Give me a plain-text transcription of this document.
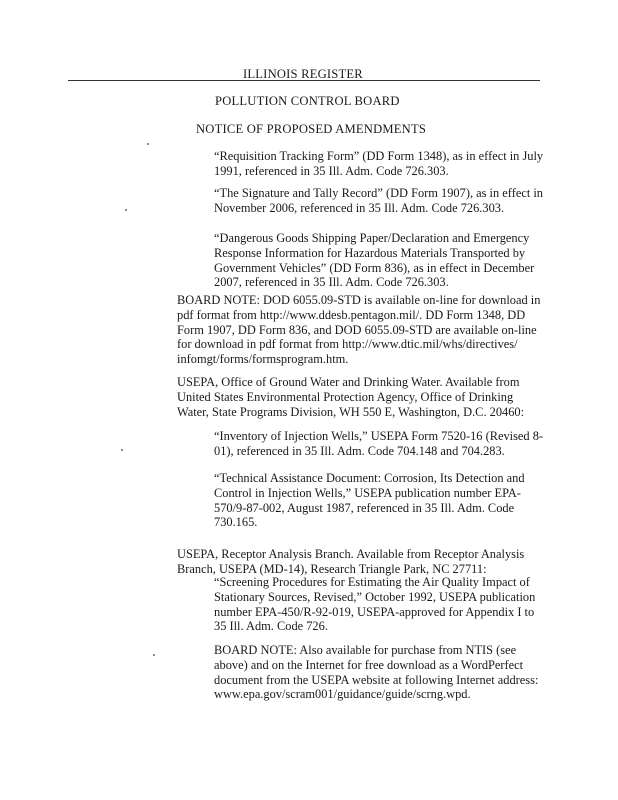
ILLINOIS REGISTER
POLLUTION CONTROL BOARD
NOTICE OF PROPOSED AMENDMENTS

“Requisition Tracking Form” (DD Form 1348), as in effect in July

1991, referenced in 35 Ill. Adm. Code 726.303.

“The Signature and Tally Record” (DD Form 1907), as in effect in

November 2006, referenced in 35 Ill. Adm. Code 726.303.

“Dangerous Goods Shipping Paper/Declaration and Emergency

Response Information for Hazardous Materials Transported by

Government Vehicles” (DD Form 836), as in effect in December

2007, referenced in 35 Ill. Adm. Code 726.303.

BOARD NOTE: DOD 6055.09-STD is available on-line for download in

pdf format from http://www.ddesb.pentagon.mil/. DD Form 1348, DD

Form 1907, DD Form 836, and DOD 6055.09-STD are available on-line

for download in pdf format from http://www.dtic.mil/whs/directives/

infomgt/forms/formsprogram.htm.

USEPA, Office of Ground Water and Drinking Water. Available from

United States Environmental Protection Agency, Office of Drinking

Water, State Programs Division, WH 550 E, Washington, D.C. 20460:

“Inventory of Injection Wells,” USEPA Form 7520-16 (Revised 8-

01), referenced in 35 Ill. Adm. Code 704.148 and 704.283.

“Technical Assistance Document: Corrosion, Its Detection and

Control in Injection Wells,” USEPA publication number EPA-

570/9-87-002, August 1987, referenced in 35 Ill. Adm. Code

730.165.

USEPA, Receptor Analysis Branch. Available from Receptor Analysis

Branch, USEPA (MD-14), Research Triangle Park, NC 27711:

“Screening Procedures for Estimating the Air Quality Impact of

Stationary Sources, Revised,” October 1992, USEPA publication

number EPA-450/R-92-019, USEPA-approved for Appendix I to

35 Ill. Adm. Code 726.

BOARD NOTE: Also available for purchase from NTIS (see

above) and on the Internet for free download as a WordPerfect

document from the USEPA website at following Internet address:

www.epa.gov/scram001/guidance/guide/scrng.wpd.
